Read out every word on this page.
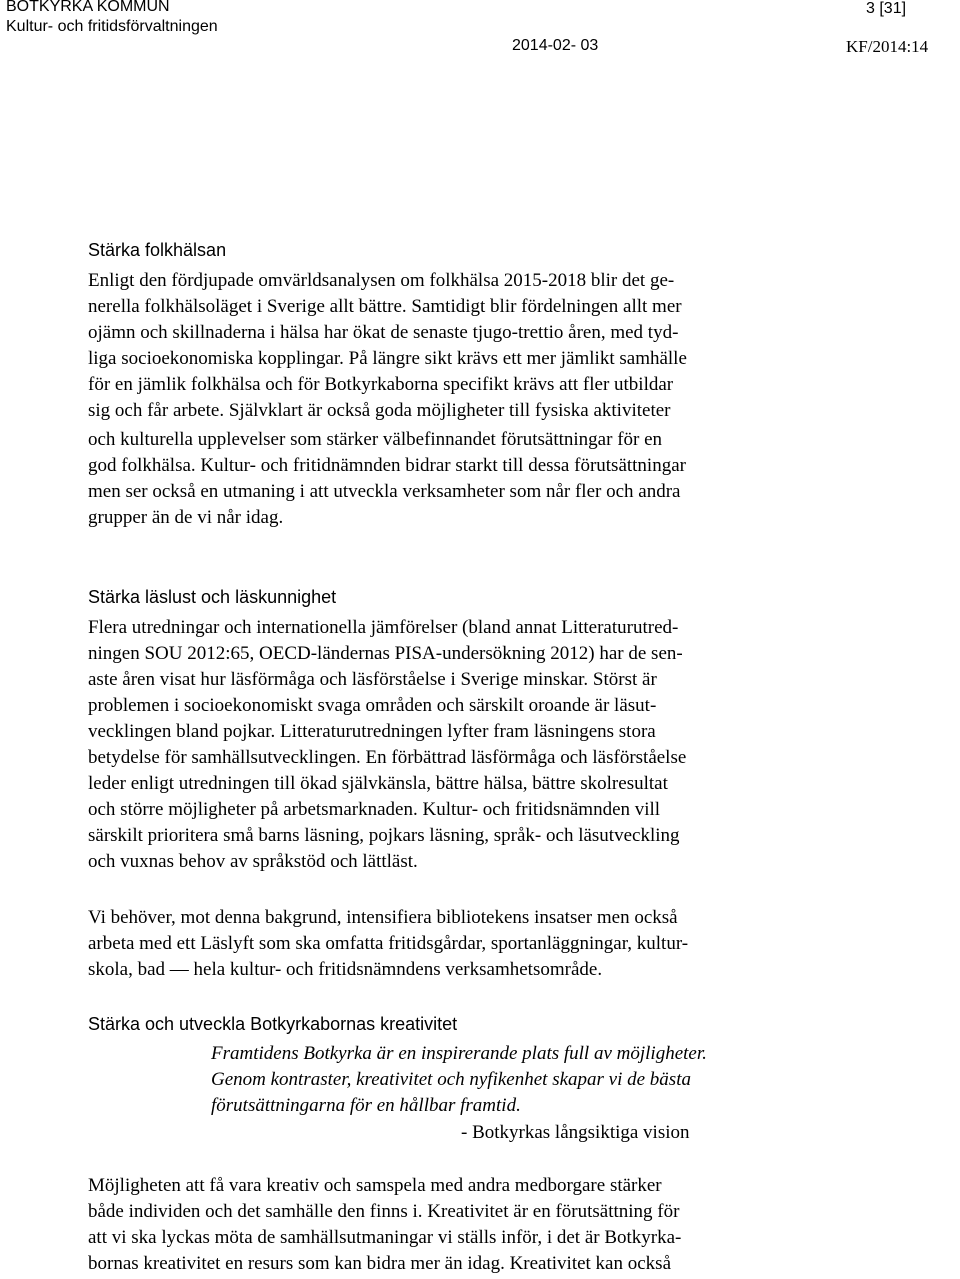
BOTKYRKA KOMMUN
Kultur- och fritidsförvaltningen
3 [31]
2014-02- 03	KF/2014:14
Stärka folkhälsan
Enligt den fördjupade omvärldsanalysen om folkhälsa 2015-2018 blir det ge-
nerella folkhälsoläget i Sverige allt bättre. Samtidigt blir fördelningen allt mer
ojämn och skillnaderna i hälsa har ökat de senaste tjugo-trettio åren, med tyd-
liga socioekonomiska kopplingar. På längre sikt krävs ett mer jämlikt samhälle
för en jämlik folkhälsa och för Botkyrkaborna specifikt krävs att fler utbildar
sig och får arbete. Självklart är också goda möjligheter till fysiska aktiviteter
och kulturella upplevelser som stärker välbefinnandet förutsättningar för en
god folkhälsa. Kultur- och fritidnämnden bidrar starkt till dessa förutsättningar
men ser också en utmaning i att utveckla verksamheter som når fler och andra
grupper än de vi når idag.
Stärka läslust och läskunnighet
Flera utredningar och internationella jämförelser (bland annat Litteraturutred-
ningen SOU 2012:65, OECD-ländernas PISA-undersökning 2012) har de sen-
aste åren visat hur läsförmåga och läsförståelse i Sverige minskar. Störst är
problemen i socioekonomiskt svaga områden och särskilt oroande är läsut-
vecklingen bland pojkar. Litteraturutredningen lyfter fram läsningens stora
betydelse för samhällsutvecklingen. En förbättrad läsförmåga och läsförståelse
leder enligt utredningen till ökad självkänsla, bättre hälsa, bättre skolresultat
och större möjligheter på arbetsmarknaden. Kultur- och fritidsnämnden vill
särskilt prioritera små barns läsning, pojkars läsning, språk- och läsutveckling
och vuxnas behov av språkstöd och lättläst.
Vi behöver, mot denna bakgrund, intensifiera bibliotekens insatser men också
arbeta med ett Läslyft som ska omfatta fritidsgårdar, sportanläggningar, kultur-
skola, bad — hela kultur- och fritidsnämndens verksamhetsområde.
Stärka och utveckla Botkyrkabornas kreativitet
Framtidens Botkyrka är en inspirerande plats full av möjligheter.
Genom kontraster, kreativitet och nyfikenhet skapar vi de bästa
förutsättningarna för en hållbar framtid.
- Botkyrkas långsiktiga vision
Möjligheten att få vara kreativ och samspela med andra medborgare stärker
både individen och det samhälle den finns i. Kreativitet är en förutsättning för
att vi ska lyckas möta de samhällsutmaningar vi ställs inför, i det är Botkyrka-
bornas kreativitet en resurs som kan bidra mer än idag. Kreativitet kan också
